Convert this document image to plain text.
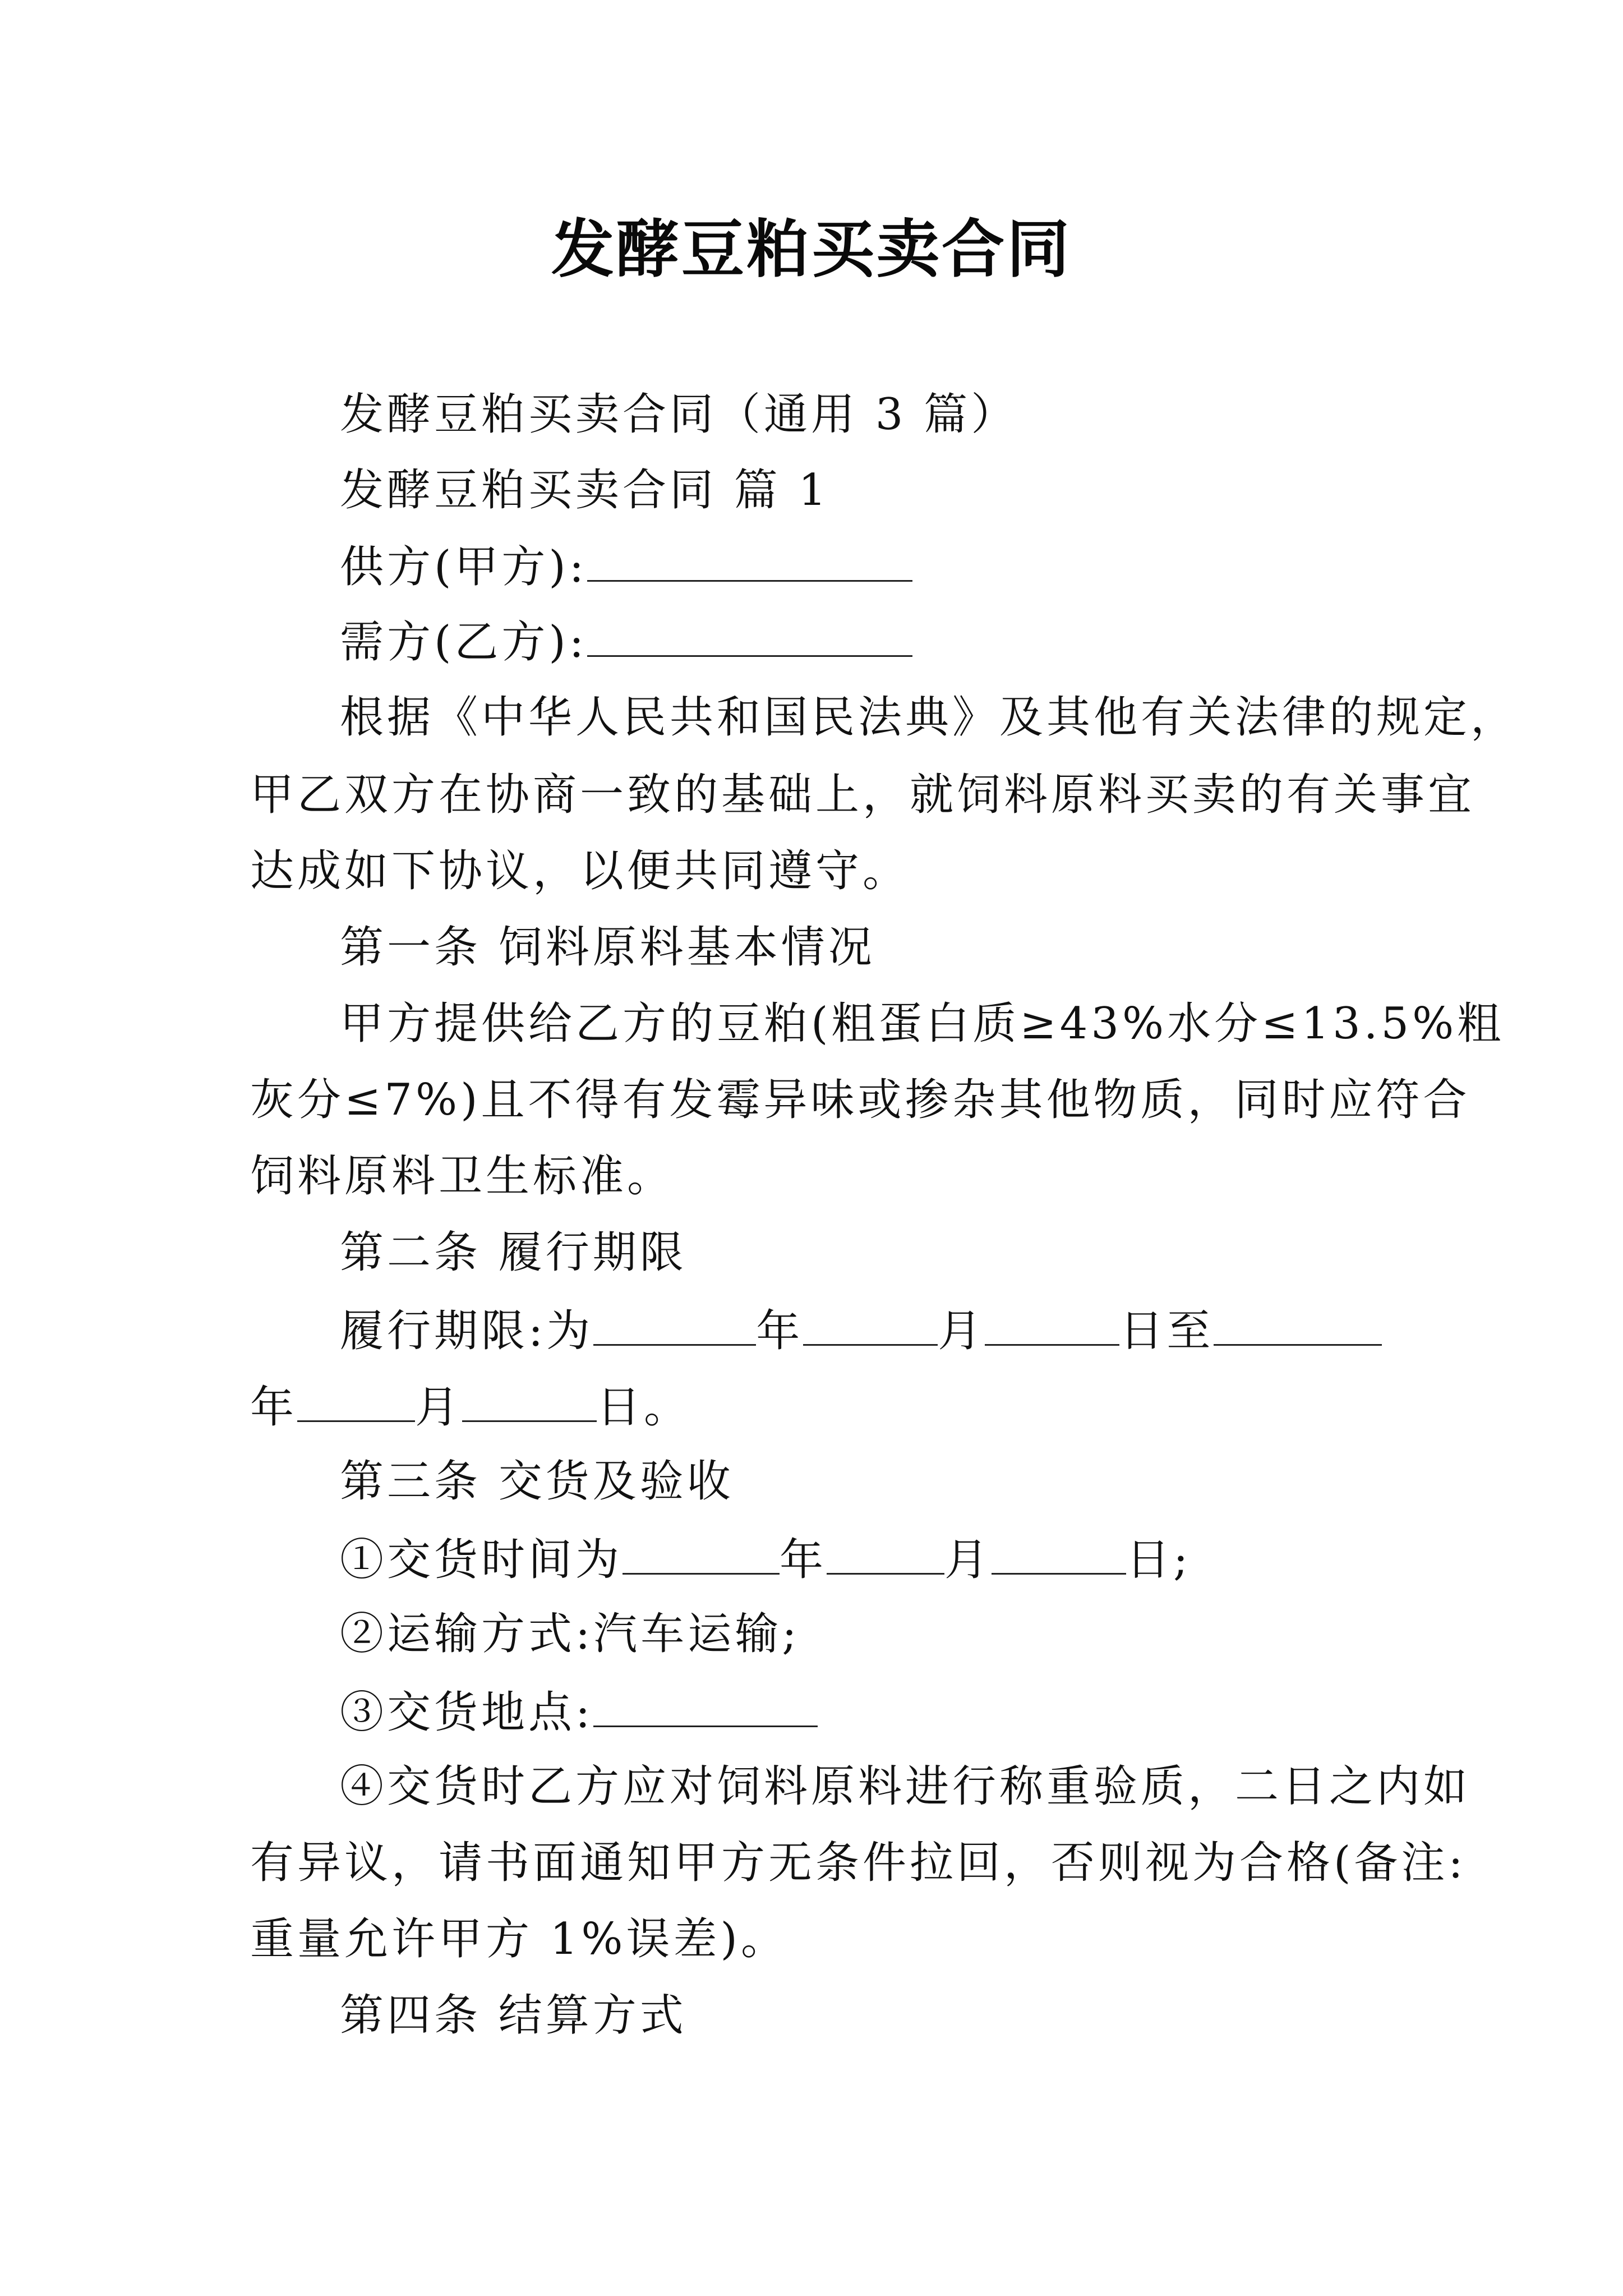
发酵豆粕买卖合同
发酵豆粕买卖合同（通用 3 篇）
发酵豆粕买卖合同 篇 1
供方(甲方):
需方(乙方):
根据《中华人民共和国民法典》及其他有关法律的规定，
甲乙双方在协商一致的基础上，就饲料原料买卖的有关事宜
达成如下协议，以便共同遵守。
第一条 饲料原料基本情况
甲方提供给乙方的豆粕(粗蛋白质≥43%水分≤13.5%粗
灰分≤7%)且不得有发霉异味或掺杂其他物质，同时应符合
饲料原料卫生标准。
第二条 履行期限
履行期限:为	年	月	日至
年	月	日。
第三条 交货及验收
①交货时间为	年	月	日;
②运输方式:汽车运输;
③交货地点:
④交货时乙方应对饲料原料进行称重验质，二日之内如
有异议，请书面通知甲方无条件拉回，否则视为合格(备注:
重量允许甲方 1%误差)。
第四条 结算方式
